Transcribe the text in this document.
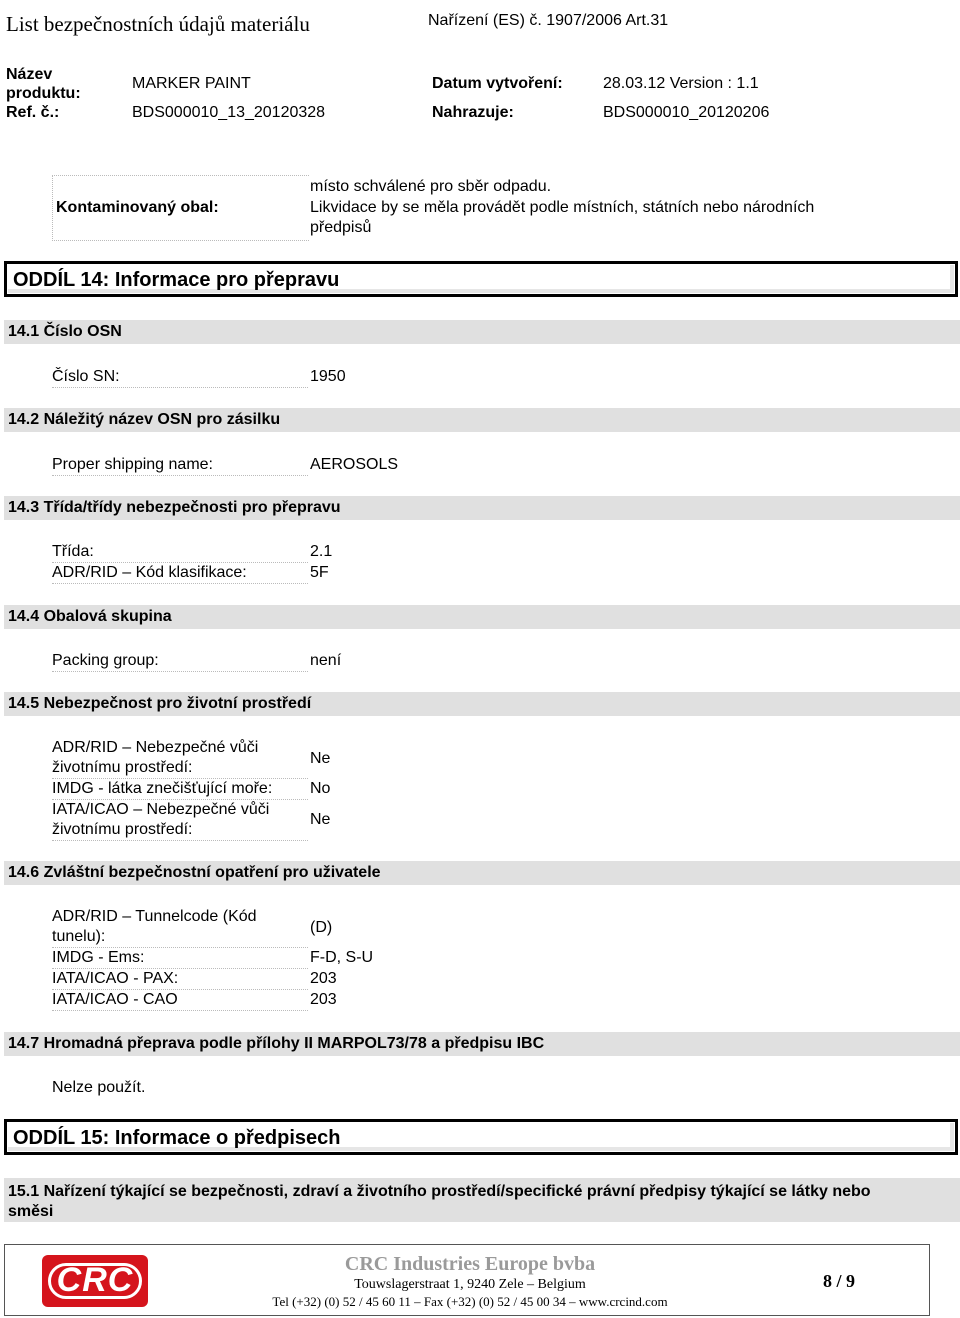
List bezpečnostních údajů materiálu	Nařízení (ES) č. 1907/2006 Art.31
Název
produktu:
MARKER PAINT	Datum vytvoření:	28.03.12 Version : 1.1
Ref. č.:	BDS000010_13_20120328	Nahrazuje:	BDS000010_20120206
Kontaminovaný obal:
místo schválené pro sběr odpadu.
Likvidace by se měla provádět podle místních, státních nebo národních
předpisů
ODDÍL 14: Informace pro přepravu
14.1 Číslo OSN
Číslo SN:	1950
14.2 Náležitý název OSN pro zásilku
Proper shipping name:	AEROSOLS
14.3 Třída/třídy nebezpečnosti pro přepravu
Třída:	2.1
ADR/RID – Kód klasifikace:	5F
14.4 Obalová skupina
Packing group:	není
14.5 Nebezpečnost pro životní prostředí
ADR/RID – Nebezpečné vůči
životnímu prostředí:
Ne
IMDG - látka znečišťující moře: No
IATA/ICAO – Nebezpečné vůči
životnímu prostředí:
Ne
14.6 Zvláštní bezpečnostní opatření pro uživatele
ADR/RID – Tunnelcode (Kód
tunelu):
(D)
IMDG - Ems:	F-D, S-U
IATA/ICAO - PAX:	203
IATA/ICAO - CAO	203
14.7 Hromadná přeprava podle přílohy II MARPOL73/78 a předpisu IBC
Nelze použít.
ODDÍL 15: Informace o předpisech
15.1 Nařízení týkající se bezpečnosti, zdraví a životního prostředí/specifické právní předpisy týkající se látky nebo
směsi
CRC	CRC Industries Europe bvba
Touwslagerstraat 1, 9240 Zele – Belgium
Tel (+32) (0) 52 / 45 60 11 – Fax (+32) (0) 52 / 45 00 34 – www.crcind.com
8 / 9
